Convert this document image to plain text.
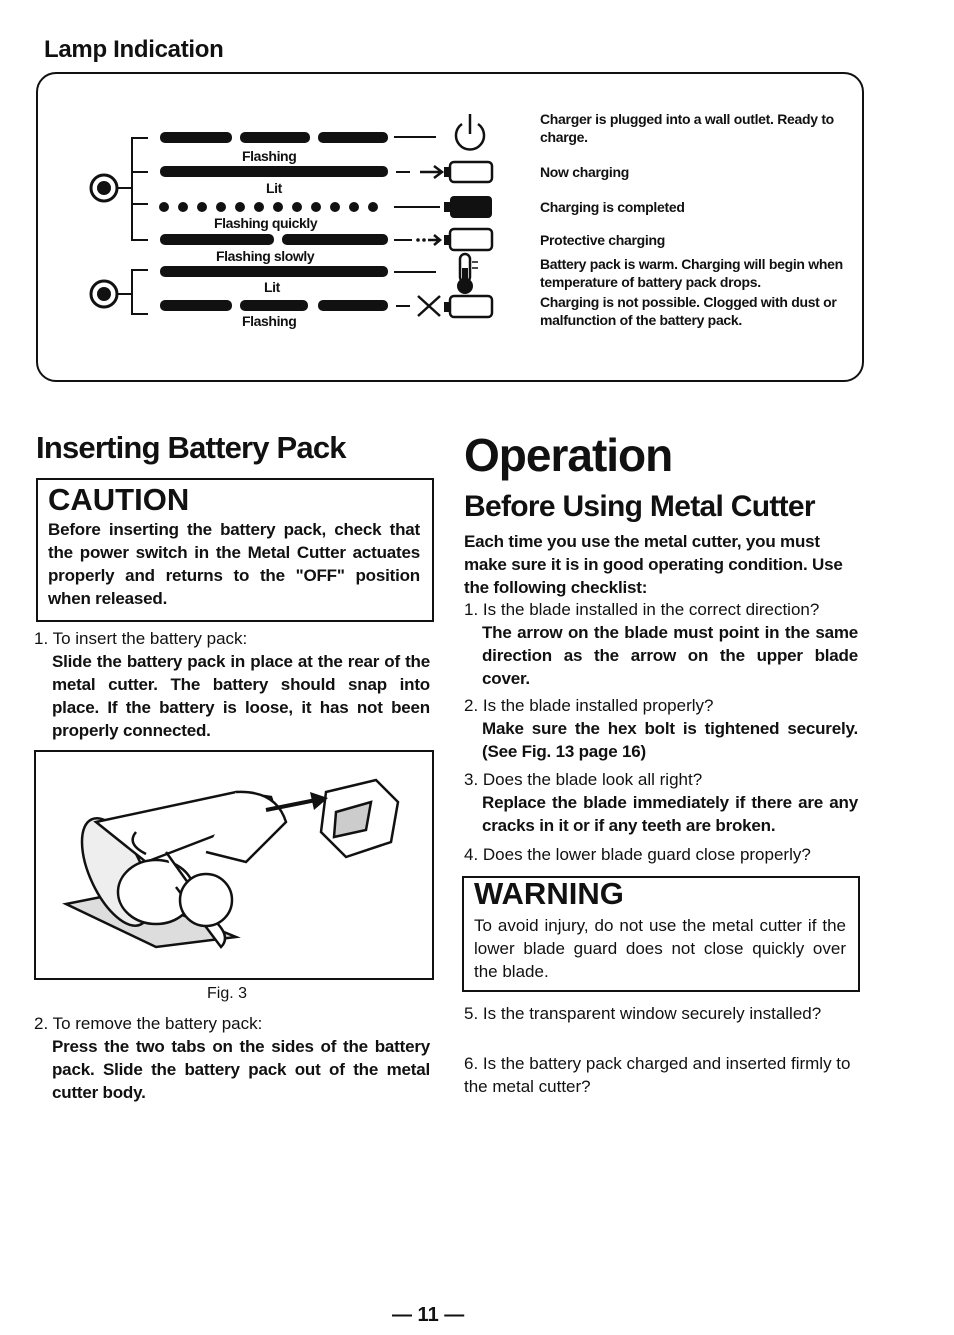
Lamp Indication
Flashing
Lit
Flashing quickly
Flashing slowly
Lit
Flashing
Charger is plugged into a wall outlet. Ready to charge.
Now charging
Charging is completed
Protective charging
Battery pack is warm. Charging will begin when temperature of battery pack drops.
Charging is not possible. Clogged with dust or malfunction of the battery pack.
Inserting Battery Pack
CAUTION
Before inserting the battery pack, check that the power switch in the Metal Cutter actuates properly and returns to the "OFF" position when released.
1. To insert the battery pack:
Slide the battery pack in place at the rear of the metal cutter. The battery should snap into place. If the battery is loose, it has not been properly connected.
Fig. 3
2. To remove the battery pack:
Press the two tabs on the sides of the battery pack. Slide the battery pack out of the metal cutter body.
Operation
Before Using Metal Cutter
Each time you use the metal cutter, you must make sure it is in good operating condition. Use the following checklist:
1. Is the blade installed in the correct direction?
The arrow on the blade must point in the same direction as the arrow on the upper blade cover.
2. Is the blade installed properly?
Make sure the hex bolt is tightened securely. (See Fig. 13 page 16)
3. Does the blade look all right?
Replace the blade immediately if there are any cracks in it or if any teeth are broken.
4. Does the lower blade guard close properly?
WARNING
To avoid injury, do not use the metal cutter if the lower blade guard does not close quickly over the blade.
5. Is the transparent window securely installed?
6. Is the battery pack charged and inserted firmly to the metal cutter?
— 11 —
